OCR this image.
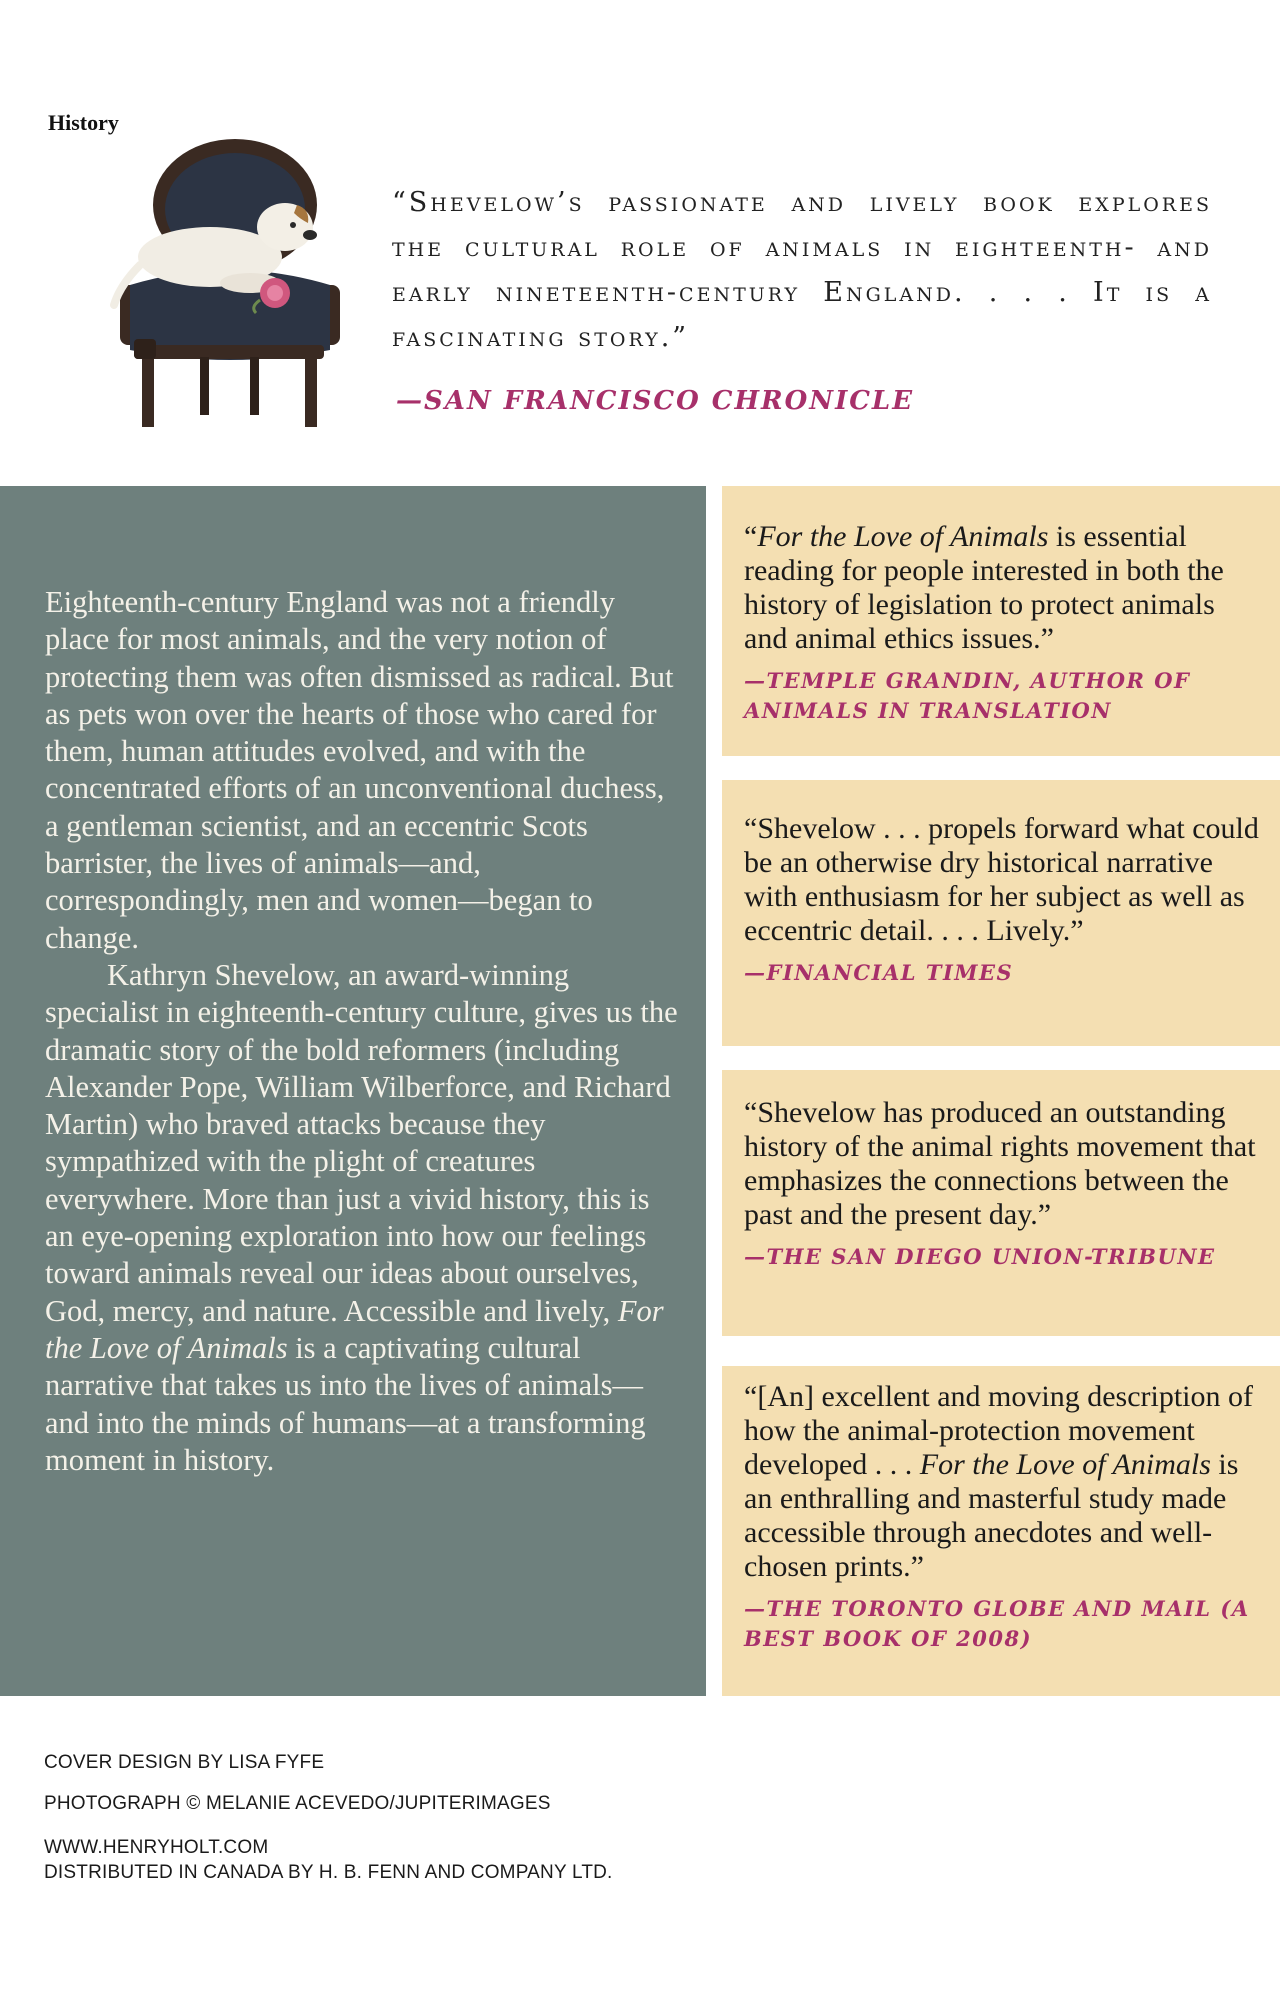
History
“Shevelow’s passionate and lively book explores the cultural role of animals in eighteenth- and early nineteenth-century England. . . . It is a fascinating story.”
—SAN FRANCISCO CHRONICLE

Eighteenth-century England was not a friendly place for most animals, and the very notion of protecting them was often dismissed as radical. But as pets won over the hearts of those who cared for them, human attitudes evolved, and with the concentrated efforts of an unconventional duchess, a gentleman scientist, and an eccentric Scots barrister, the lives of animals—and, correspondingly, men and women—began to change.

Kathryn Shevelow, an award-winning specialist in eighteenth-century culture, gives us the dramatic story of the bold reformers (including Alexander Pope, William Wilberforce, and Richard Martin) who braved attacks because they sympathized with the plight of creatures everywhere. More than just a vivid history, this is an eye-opening exploration into how our feelings toward animals reveal our ideas about ourselves, God, mercy, and nature. Accessible and lively, For the Love of Animals is a captivating cultural narrative that takes us into the lives of animals—and into the minds of humans—at a transforming moment in history.

“For the Love of Animals is essential reading for people interested in both the history of legislation to protect animals and animal ethics issues.”
—TEMPLE GRANDIN, AUTHOR OF
ANIMALS IN TRANSLATION
“Shevelow . . . propels forward what could be an otherwise dry historical narrative with enthusiasm for her subject as well as eccentric detail. . . . Lively.”
—FINANCIAL TIMES
“Shevelow has produced an outstanding history of the animal rights movement that emphasizes the connections between the past and the present day.”
—THE SAN DIEGO UNION-TRIBUNE
“[An] excellent and moving description of how the animal-protection movement developed . . . For the Love of Animals is an enthralling and masterful study made accessible through anecdotes and well-chosen prints.”
—THE TORONTO GLOBE AND MAIL (A BEST BOOK OF 2008)
COVER DESIGN BY LISA FYFE
PHOTOGRAPH © MELANIE ACEVEDO/JUPITERIMAGES
WWW.HENRYHOLT.COM
DISTRIBUTED IN CANADA BY H. B. FENN AND COMPANY LTD.
